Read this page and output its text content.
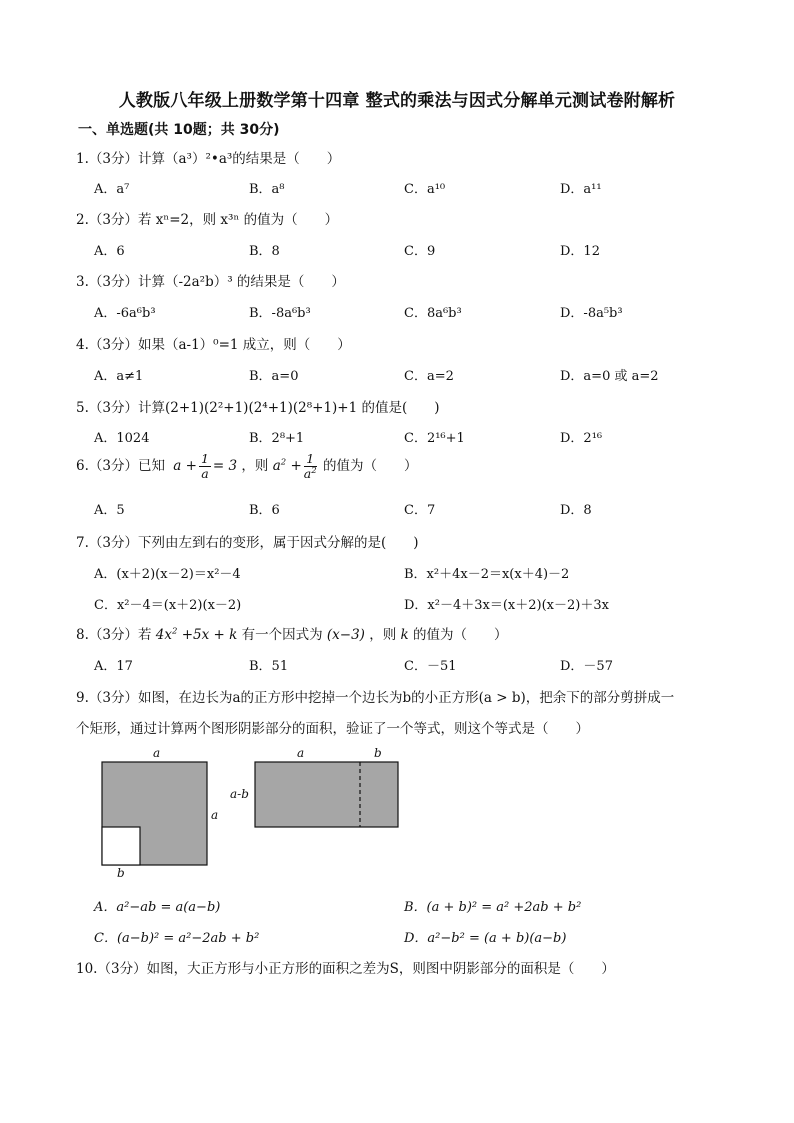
人教版八年级上册数学第十四章 整式的乘法与因式分解单元测试卷附解析
一、单选题(共 10题；共 30分)
1.（3分）计算（a³）²•a³的结果是（　　）
A．a⁷	B．a⁸	C．a¹⁰	D．a¹¹
2.（3分）若 xⁿ=2，则 x³ⁿ 的值为（　　）
A．6	B．8	C．9	D．12
3.（3分）计算（-2a²b）³ 的结果是（　　）
A．-6a⁶b³	B．-8a⁶b³	C．8a⁶b³	D．-8a⁵b³
4.（3分）如果（a-1）⁰=1 成立，则（　　）
A．a≠1	B．a=0	C．a=2	D．a=0 或 a=2
5.（3分）计算(2+1)(2²+1)(2⁴+1)(2⁸+1)+1 的值是(　　)
A．1024	B．2⁸+1	C．2¹⁶+1	D．2¹⁶
6.（3分）已知 $a + \frac{1}{a} = 3$ ，则 $a^2 + \frac{1}{a^2}$ 的值为（　　）
A．5	B．6	C．7	D．8
7.（3分）下列由左到右的变形，属于因式分解的是(　　)
A．(x＋2)(x－2)＝x²－4	B．x²＋4x－2＝x(x＋4)－2
C．x²－4＝(x＋2)(x－2)	D．x²－4＋3x＝(x＋2)(x－2)＋3x
8.（3分）若 $4x^2 +5x + k$ 有一个因式为 (x−3) ，则 k 的值为（　　）
A．17	B．51	C．－51	D．－57
9.（3分）如图，在边长为a的正方形中挖掉一个边长为b的小正方形(a > b)，把余下的部分剪拼成一
个矩形，通过计算两个图形阴影部分的面积，验证了一个等式，则这个等式是（　　）
a
a
b
a-b
a	b
A．a²−ab = a(a−b)	B．(a + b)² = a² +2ab + b²
C．(a−b)² = a²−2ab + b²	D．a²−b² = (a + b)(a−b)
10.（3分）如图，大正方形与小正方形的面积之差为S，则图中阴影部分的面积是（　　）
